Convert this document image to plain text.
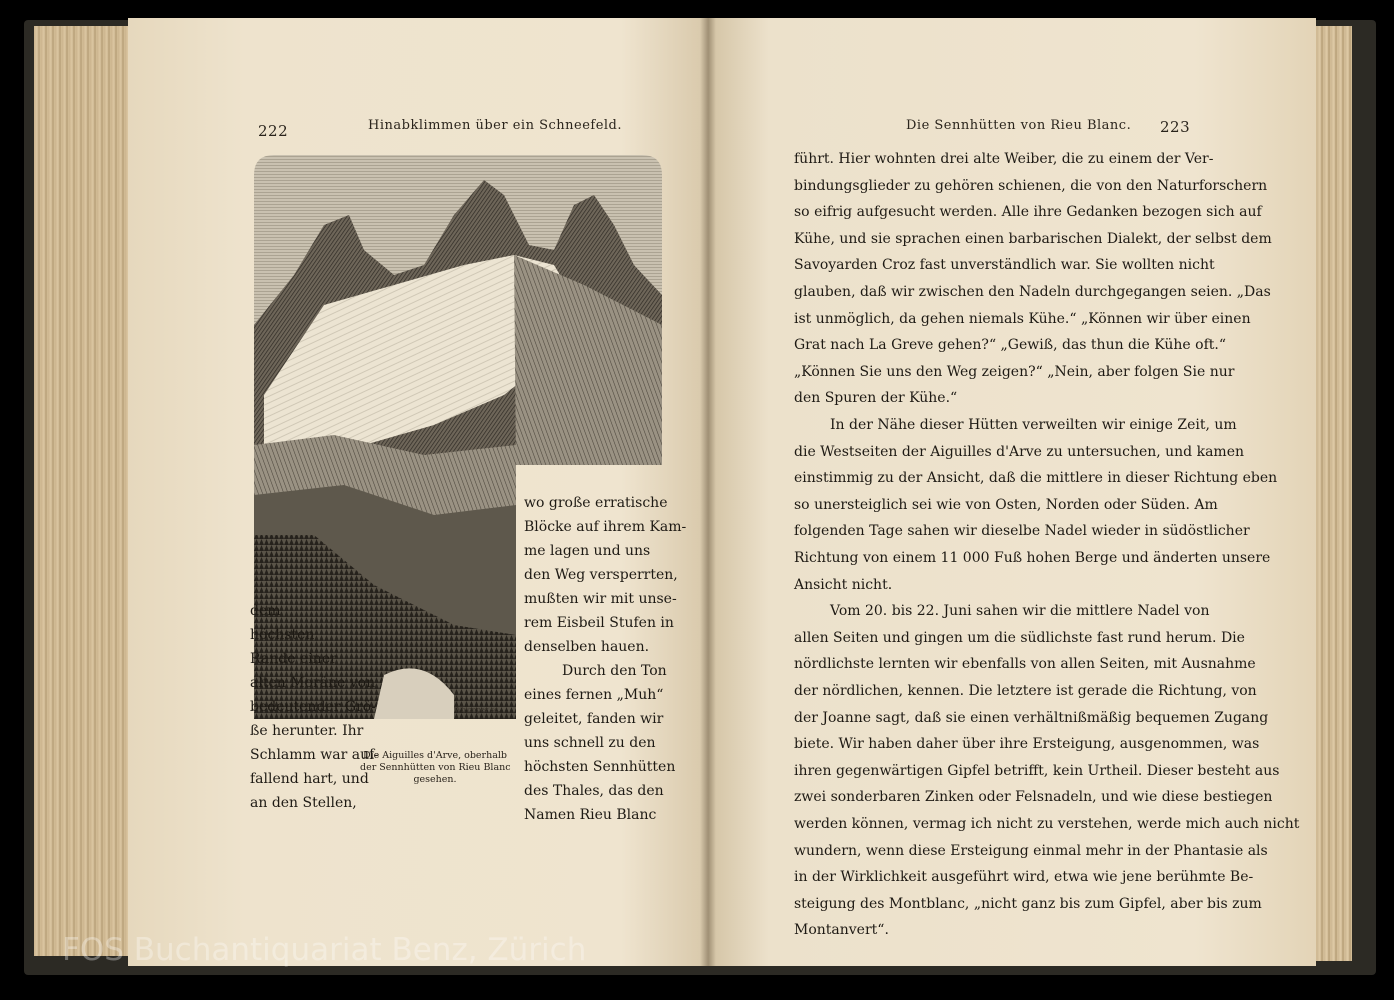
222	Hinabklimmen über ein Schneefeld.
Whymper sc.
Die Aiguilles d'Arve, oberhalb
der Sennhütten von Rieu Blanc
gesehen.
dem
höchsten
Rande einer
alten Moräne von
bedeutender Grö-
ße herunter. Ihr
Schlamm war auf-
fallend hart, und
an den Stellen,
wo große erratische
Blöcke auf ihrem Kam-
me lagen und uns
den Weg versperrten,
mußten wir mit unse-
rem Eisbeil Stufen in
denselben hauen.
Durch den Ton
eines fernen „Muh“
geleitet, fanden wir
uns schnell zu den
höchsten Sennhütten
des Thales, das den
Namen Rieu Blanc
Die Sennhütten von Rieu Blanc. 223
führt. Hier wohnten drei alte Weiber, die zu einem der Ver-
bindungsglieder zu gehören schienen, die von den Naturforschern
so eifrig aufgesucht werden. Alle ihre Gedanken bezogen sich auf
Kühe, und sie sprachen einen barbarischen Dialekt, der selbst dem
Savoyarden Croz fast unverständlich war. Sie wollten nicht
glauben, daß wir zwischen den Nadeln durchgegangen seien. „Das
ist unmöglich, da gehen niemals Kühe.“ „Können wir über einen
Grat nach La Greve gehen?“ „Gewiß, das thun die Kühe oft.“
„Können Sie uns den Weg zeigen?“ „Nein, aber folgen Sie nur
den Spuren der Kühe.“
In der Nähe dieser Hütten verweilten wir einige Zeit, um
die Westseiten der Aiguilles d'Arve zu untersuchen, und kamen
einstimmig zu der Ansicht, daß die mittlere in dieser Richtung eben
so unersteiglich sei wie von Osten, Norden oder Süden. Am
folgenden Tage sahen wir dieselbe Nadel wieder in südöstlicher
Richtung von einem 11 000 Fuß hohen Berge und änderten unsere
Ansicht nicht.
Vom 20. bis 22. Juni sahen wir die mittlere Nadel von
allen Seiten und gingen um die südlichste fast rund herum. Die
nördlichste lernten wir ebenfalls von allen Seiten, mit Ausnahme
der nördlichen, kennen. Die letztere ist gerade die Richtung, von
der Joanne sagt, daß sie einen verhältnißmäßig bequemen Zugang
biete. Wir haben daher über ihre Ersteigung, ausgenommen, was
ihren gegenwärtigen Gipfel betrifft, kein Urtheil. Dieser besteht aus
zwei sonderbaren Zinken oder Felsnadeln, und wie diese bestiegen
werden können, vermag ich nicht zu verstehen, werde mich auch nicht
wundern, wenn diese Ersteigung einmal mehr in der Phantasie als
in der Wirklichkeit ausgeführt wird, etwa wie jene berühmte Be-
steigung des Montblanc, „nicht ganz bis zum Gipfel, aber bis zum
Montanvert“.
FOS Buchantiquariat Benz, Zürich
